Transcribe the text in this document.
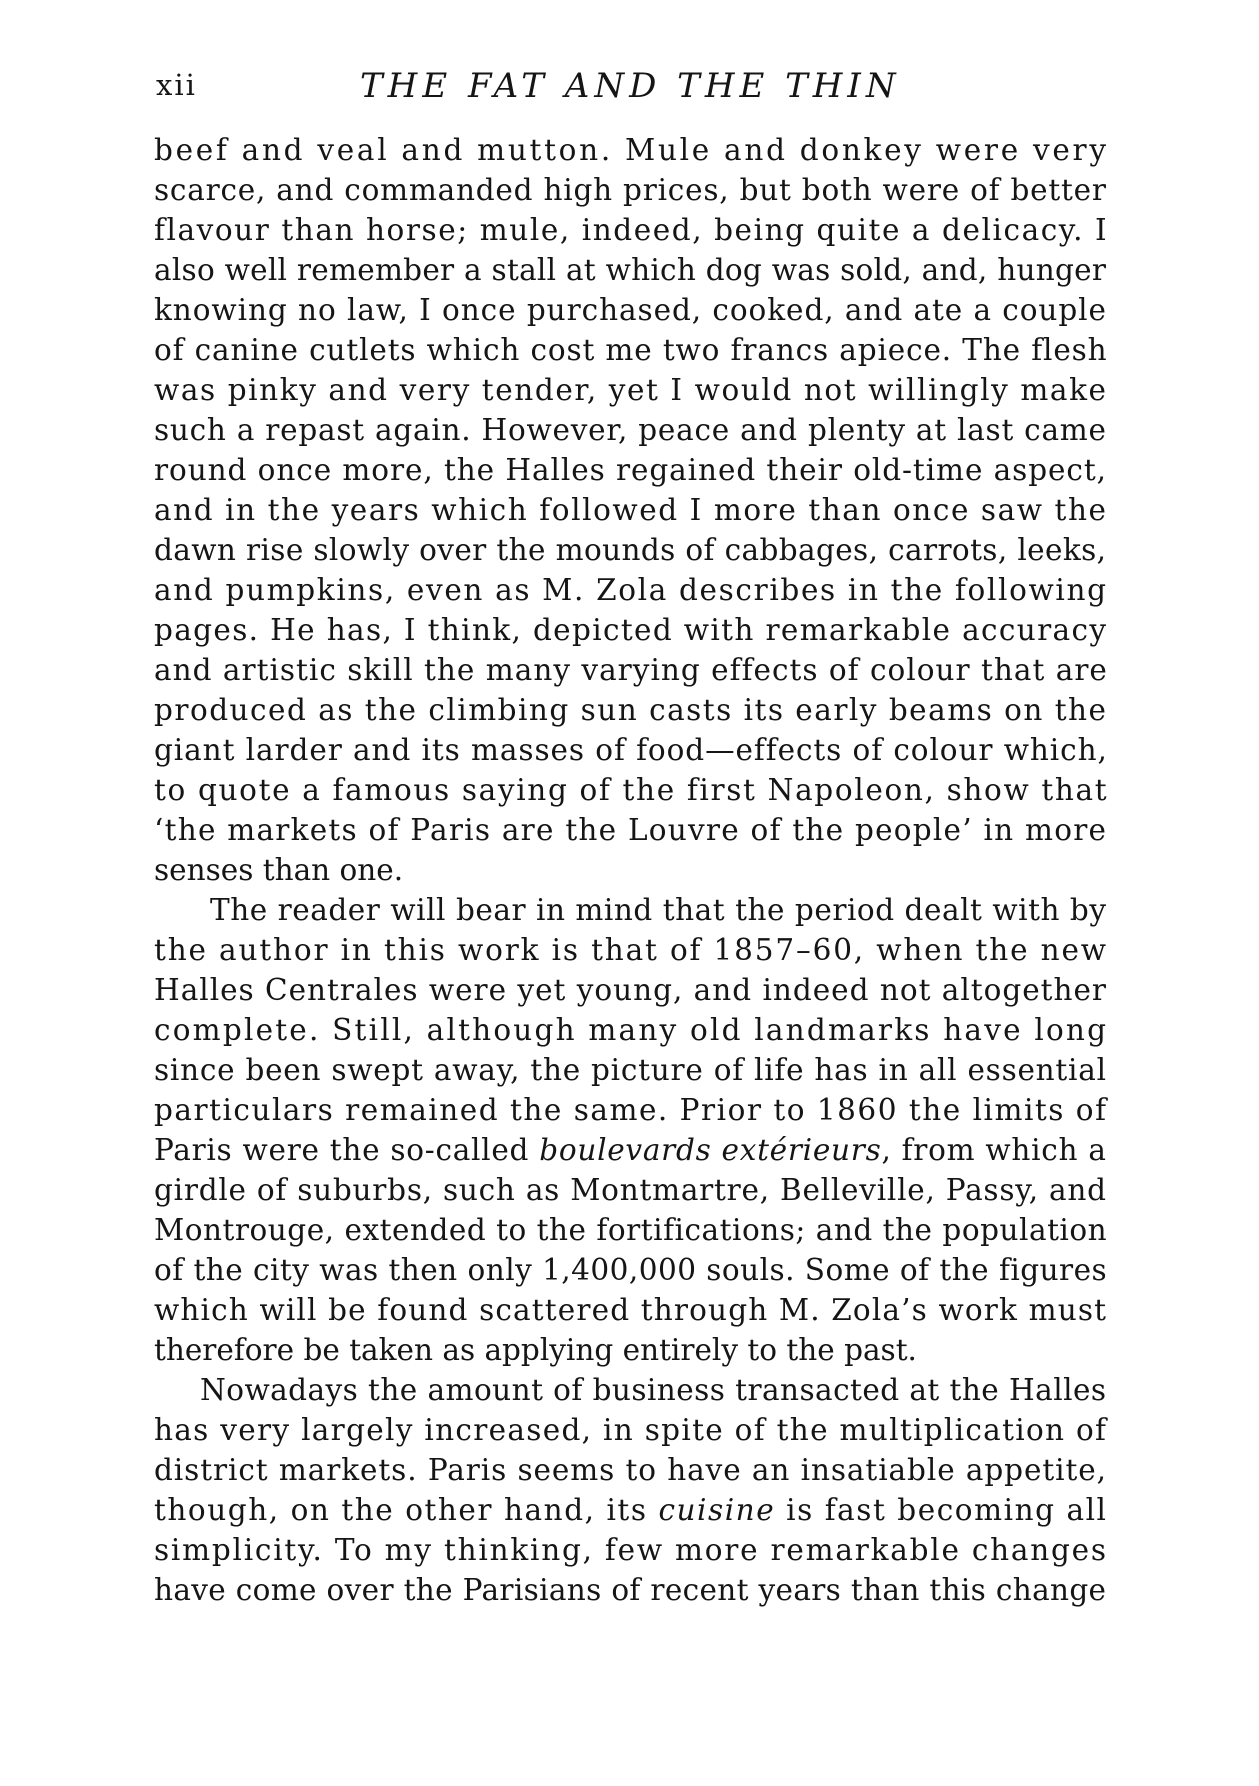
xii	THE FAT AND THE THIN
beef and veal and mutton. Mule and donkey were very
scarce, and commanded high prices, but both were of better
flavour than horse; mule, indeed, being quite a delicacy. I
also well remember a stall at which dog was sold, and, hunger
knowing no law, I once purchased, cooked, and ate a couple
of canine cutlets which cost me two francs apiece. The flesh
was pinky and very tender, yet I would not willingly make
such a repast again. However, peace and plenty at last came
round once more, the Halles regained their old-time aspect,
and in the years which followed I more than once saw the
dawn rise slowly over the mounds of cabbages, carrots, leeks,
and pumpkins, even as M. Zola describes in the following
pages. He has, I think, depicted with remarkable accuracy
and artistic skill the many varying effects of colour that are
produced as the climbing sun casts its early beams on the
giant larder and its masses of food—effects of colour which,
to quote a famous saying of the first Napoleon, show that
‘the markets of Paris are the Louvre of the people’ in more
senses than one.
The reader will bear in mind that the period dealt with by
the author in this work is that of 1857–60, when the new
Halles Centrales were yet young, and indeed not altogether
complete. Still, although many old landmarks have long
since been swept away, the picture of life has in all essential
particulars remained the same. Prior to 1860 the limits of
Paris were the so-called boulevards extérieurs, from which a
girdle of suburbs, such as Montmartre, Belleville, Passy, and
Montrouge, extended to the fortifications; and the population
of the city was then only 1,400,000 souls. Some of the figures
which will be found scattered through M. Zola’s work must
therefore be taken as applying entirely to the past.
Nowadays the amount of business transacted at the Halles
has very largely increased, in spite of the multiplication of
district markets. Paris seems to have an insatiable appetite,
though, on the other hand, its cuisine is fast becoming all
simplicity. To my thinking, few more remarkable changes
have come over the Parisians of recent years than this change
